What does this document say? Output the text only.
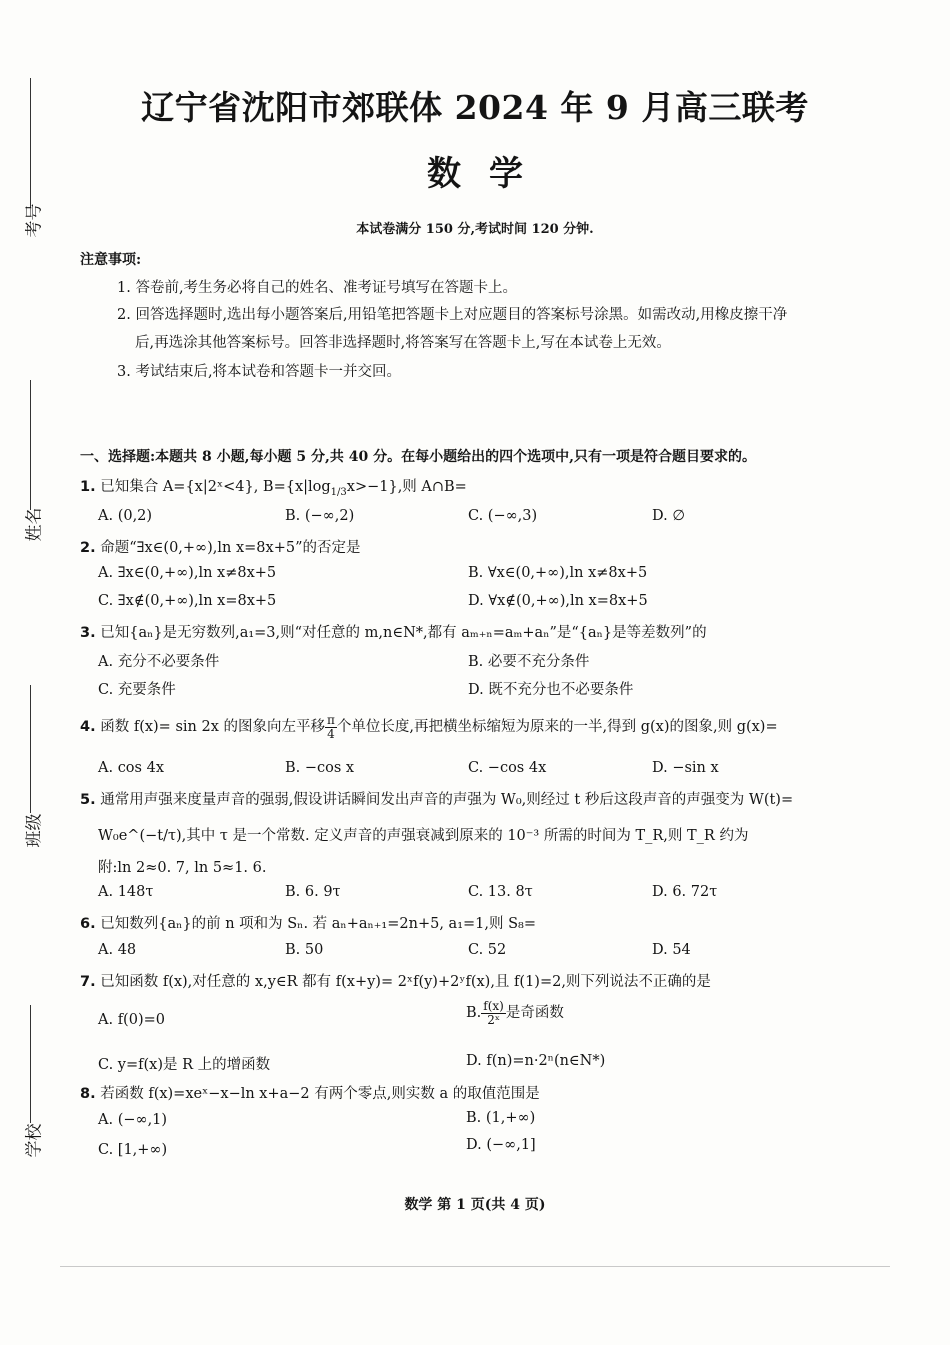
考号
姓名
班级
学校
辽宁省沈阳市郊联体 2024 年 9 月高三联考
数学
本试卷满分 150 分,考试时间 120 分钟.
注意事项:
1. 答卷前,考生务必将自己的姓名、准考证号填写在答题卡上。
2. 回答选择题时,选出每小题答案后,用铅笔把答题卡上对应题目的答案标号涂黑。如需改动,用橡皮擦干净
后,再选涂其他答案标号。回答非选择题时,将答案写在答题卡上,写在本试卷上无效。
3. 考试结束后,将本试卷和答题卡一并交回。
一、选择题:本题共 8 小题,每小题 5 分,共 40 分。在每小题给出的四个选项中,只有一项是符合题目要求的。
1. 已知集合 A={x|2ˣ<4}, $B=\{x|\log_{1/3}x>-1\}$,则 A∩B=
A. (0,2)	B. (−∞,2)	C. (−∞,3)	D. ∅
2. 命题“∃x∈(0,+∞),ln x=8x+5”的否定是
A. ∃x∈(0,+∞),ln x≠8x+5	B. ∀x∈(0,+∞),ln x≠8x+5
C. ∃x∉(0,+∞),ln x=8x+5	D. ∀x∉(0,+∞),ln x=8x+5
3. 已知{aₙ}是无穷数列,a₁=3,则“对任意的 m,n∈N*,都有 aₘ₊ₙ=aₘ+aₙ”是“{aₙ}是等差数列”的
A. 充分不必要条件	B. 必要不充分条件
C. 充要条件	D. 既不充分也不必要条件
4. 函数 f(x)= sin 2x 的图象向左平移 $\frac{\pi}{4}$ 个单位长度,再把横坐标缩短为原来的一半,得到 g(x)的图象,则 g(x)=
A. cos 4x	B. −cos x	C. −cos 4x	D. −sin x
5. 通常用声强来度量声音的强弱,假设讲话瞬间发出声音的声强为 W₀,则经过 t 秒后这段声音的声强变为 W(t)=
W₀e^(−t/τ),其中 τ 是一个常数. 定义声音的声强衰减到原来的 10⁻³ 所需的时间为 T_R,则 T_R 约为
附:ln 2≈0. 7, ln 5≈1. 6.
A. 148τ	B. 6. 9τ	C. 13. 8τ	D. 6. 72τ
6. 已知数列{aₙ}的前 n 项和为 Sₙ. 若 aₙ+aₙ₊₁=2n+5, a₁=1,则 S₈=
A. 48	B. 50	C. 52	D. 54
7. 已知函数 f(x),对任意的 x,y∈R 都有 f(x+y)= 2ˣf(y)+2ʸf(x),且 f(1)=2,则下列说法不正确的是
A. f(0)=0	B. $\frac{f(x)}{\text{2ˣ}}$ 是奇函数
C. y=f(x)是 R 上的增函数	D. f(n)=n·2ⁿ(n∈N*)
8. 若函数 f(x)=xeˣ−x−ln x+a−2 有两个零点,则实数 a 的取值范围是
A. (−∞,1)	B. (1,+∞)
C. [1,+∞)	D. (−∞,1]
数学 第 1 页(共 4 页)
